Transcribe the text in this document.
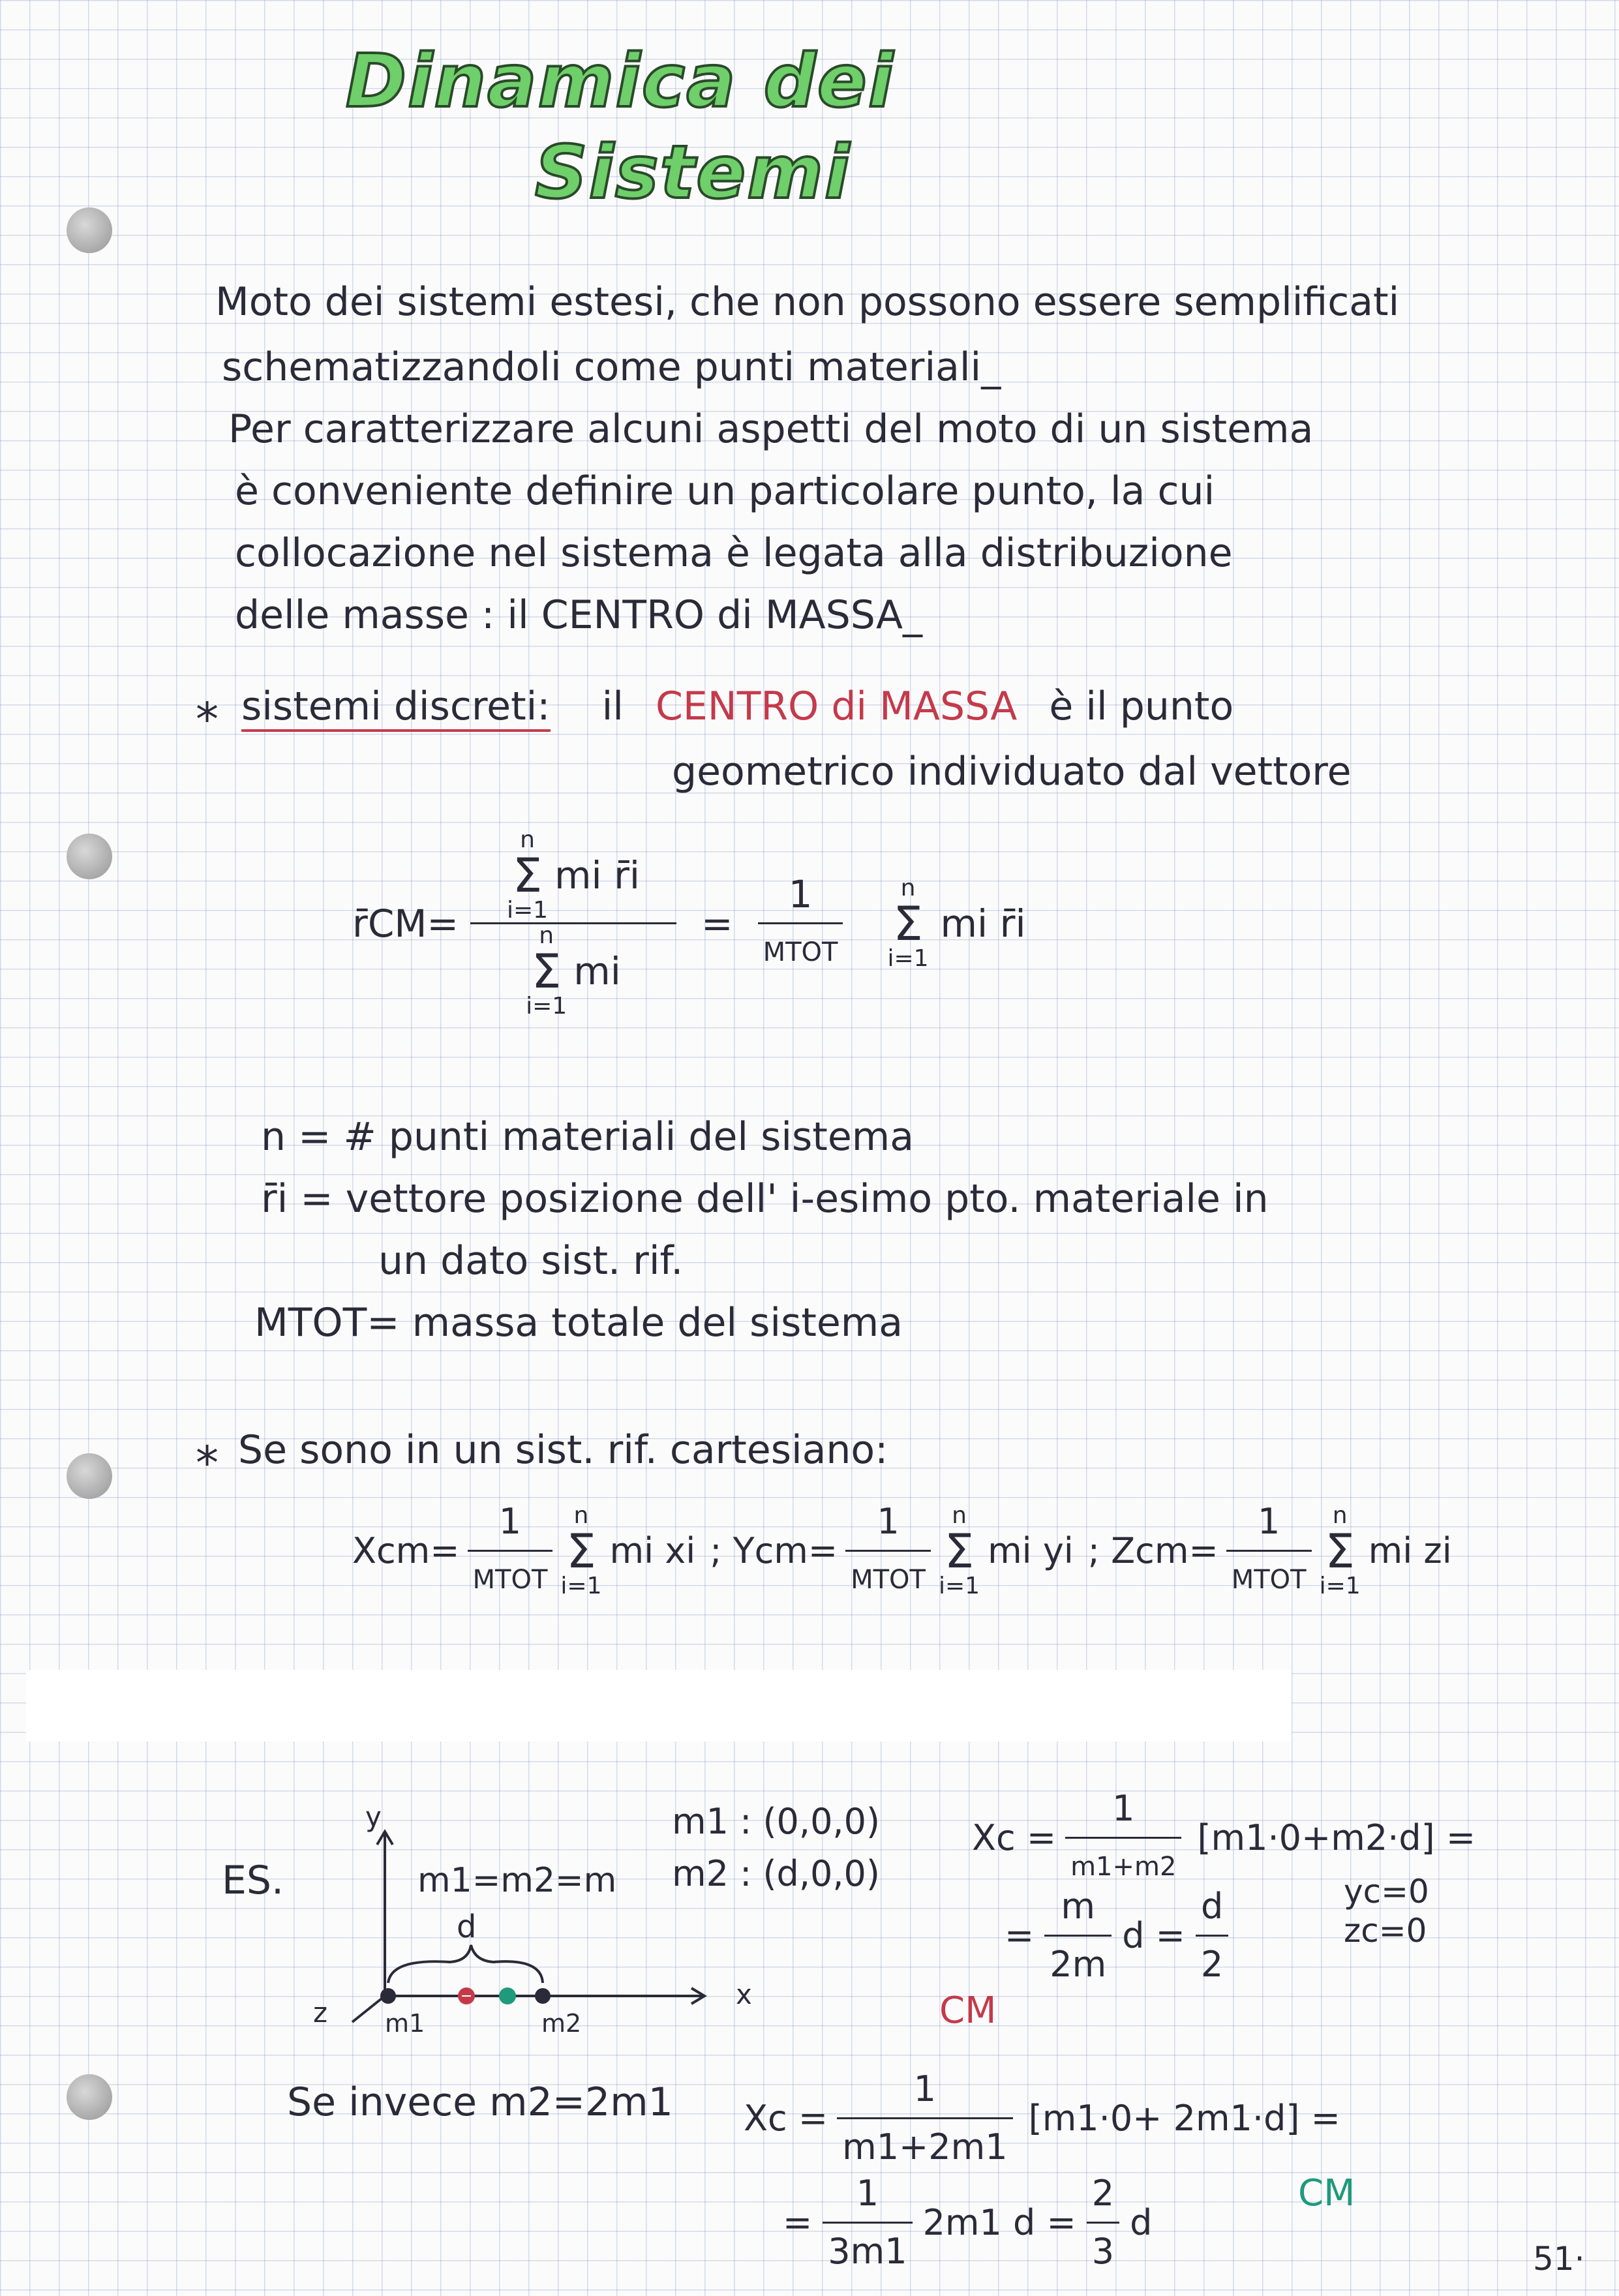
Dinamica dei
Sistemi
Moto dei sistemi estesi, che non possono essere semplificati
schematizzandoli come punti materiali_
Per caratterizzare alcuni aspetti del moto di un sistema
è conveniente definire un particolare punto, la cui
collocazione nel sistema è legata alla distribuzione
delle masse : il CENTRO di MASSA_
* sistemi discreti: il CENTRO di MASSA è il punto
geometrico individuato dal vettore
r̄CM= n
Σ
i=1
mi r̄i
n
Σ
i=1
mi = $\frac{1}{\text{MTOT}}$ n
Σ
i=1
mi r̄i
n = # punti materiali del sistema
r̄i = vettore posizione dell' i-esimo pto. materiale in
un dato sist. rif.
MTOT= massa totale del sistema
* Se sono in un sist. rif. cartesiano:
$Xcm= \frac{1}{\text{MTOT}}$ n
Σ
i=1
mi xi ; $Ycm= \frac{1}{\text{MTOT}}$ n
Σ
i=1
mi yi ; $Zcm= \frac{1}{\text{MTOT}}$ n
Σ
i=1
mi zi
ES.
y
x
z
m1=m2=m
d
m1	m2
m1 : (0,0,0)
m2 : (d,0,0)
$Xc = \frac{1}{m1+m2} [m1\cdot 0+m2\cdot d]$ =
= $\frac{m}{2m}$ $d = \frac{d}{2}$	yc=0
zc=0
CM
Se invece m2=2m1 $Xc = \frac{1}{m1+2m1} [m1\cdot 0+ 2m1\cdot d]$ =
= $\frac{1}{3m1} 2m1$ $d = \frac{2}{3}$ d
CM
51·
